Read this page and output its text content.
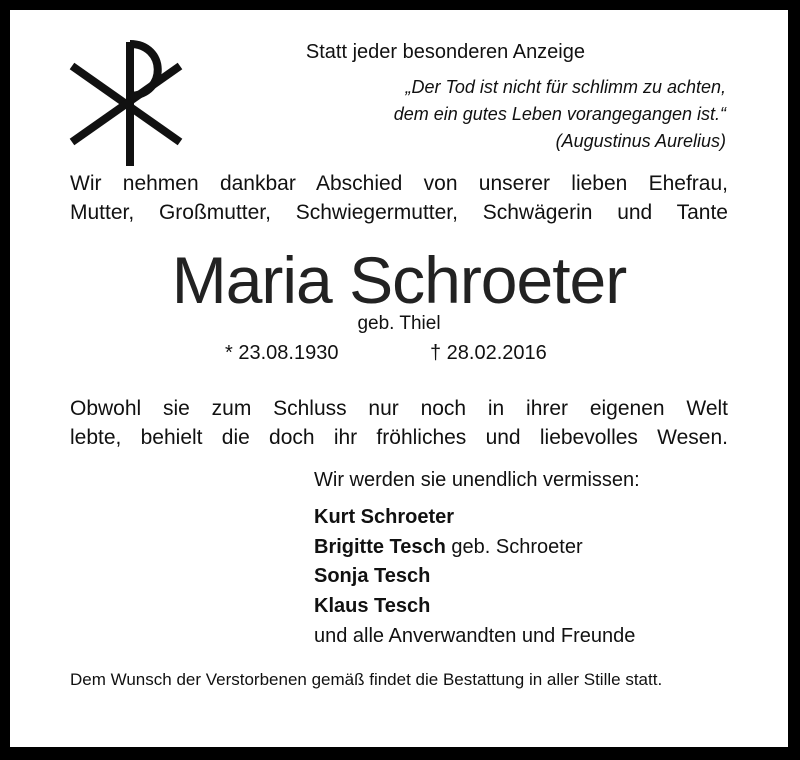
Statt jeder besonderen Anzeige
„Der Tod ist nicht für schlimm zu achten,
dem ein gutes Leben vorangegangen ist.“
(Augustinus Aurelius)
Wir nehmen dankbar Abschied von unserer lieben Ehefrau,
Mutter, Großmutter, Schwiegermutter, Schwägerin und Tante
Maria Schroeter
geb. Thiel
* 23.08.1930	† 28.02.2016
Obwohl sie zum Schluss nur noch in ihrer eigenen Welt
lebte, behielt die doch ihr fröhliches und liebevolles Wesen.
Wir werden sie unendlich vermissen:
Kurt Schroeter
Brigitte Tesch geb. Schroeter
Sonja Tesch
Klaus Tesch
und alle Anverwandten und Freunde
Dem Wunsch der Verstorbenen gemäß findet die Bestattung in aller Stille statt.
